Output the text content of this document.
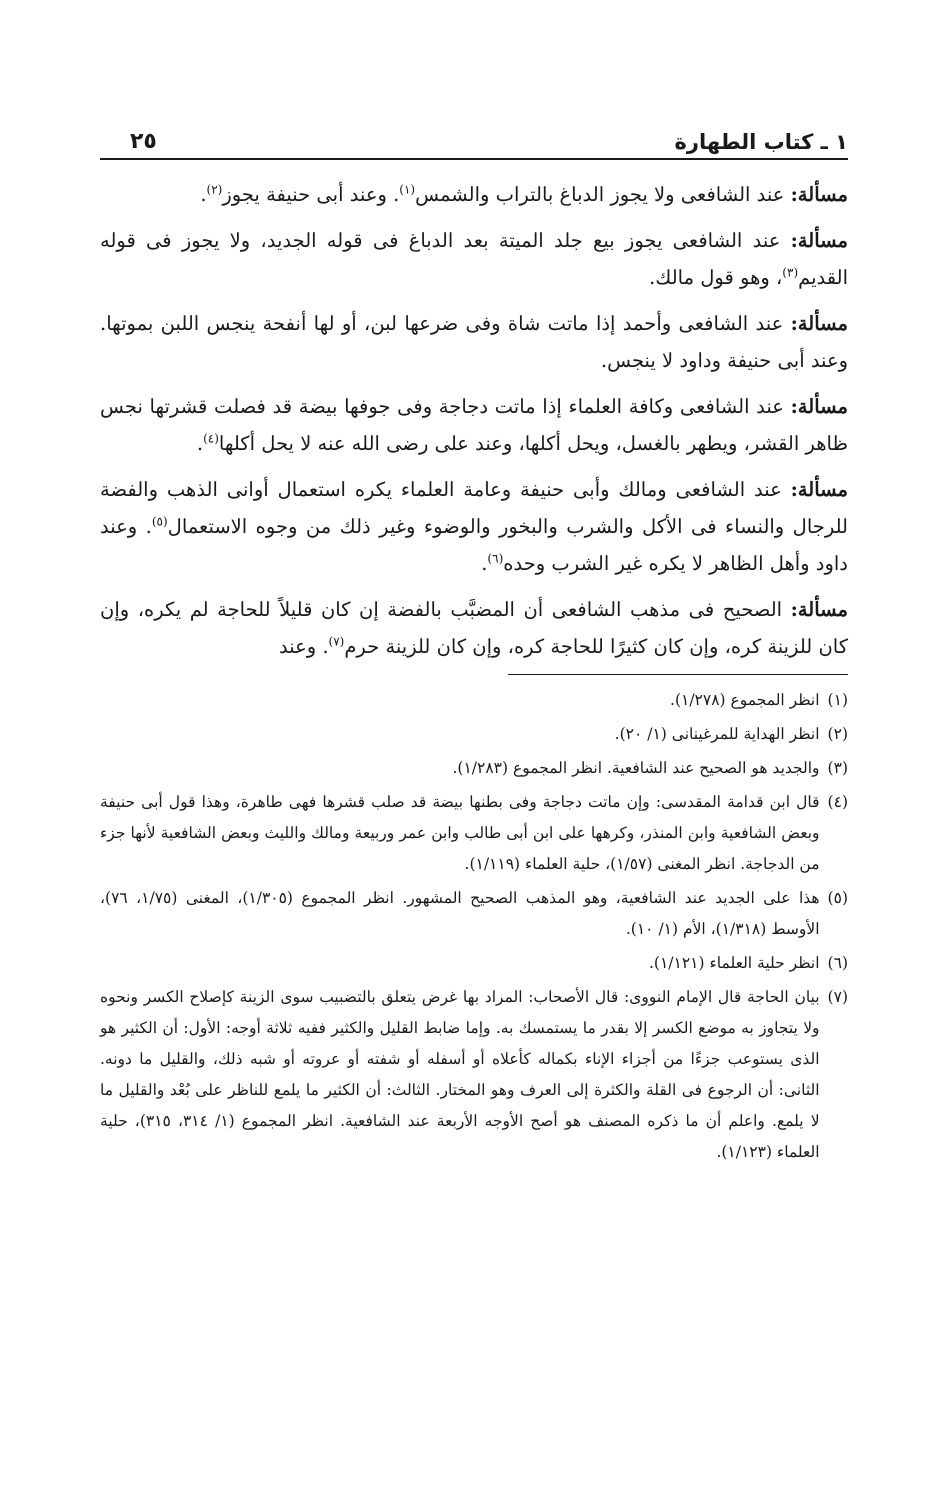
١ ـ كتاب الطهارة
٢٥

مسألة: عند الشافعى ولا يجوز الدباغ بالتراب والشمس$^{(١)}$. وعند أبى حنيفة يجوز$^{(٢)}$.

مسألة: عند الشافعى يجوز بيع جلد الميتة بعد الدباغ فى قوله الجديد، ولا يجوز فى قوله القديم$^{(٣)}$، وهو قول مالك.

مسألة: عند الشافعى وأحمد إذا ماتت شاة وفى ضرعها لبن، أو لها أنفحة ينجس اللبن بموتها. وعند أبى حنيفة وداود لا ينجس.

مسألة: عند الشافعى وكافة العلماء إذا ماتت دجاجة وفى جوفها بيضة قد فصلت قشرتها نجس ظاهر القشر، ويطهر بالغسل، ويحل أكلها، وعند على رضى الله عنه لا يحل أكلها$^{(٤)}$.

مسألة: عند الشافعى ومالك وأبى حنيفة وعامة العلماء يكره استعمال أوانى الذهب والفضة للرجال والنساء فى الأكل والشرب والبخور والوضوء وغير ذلك من وجوه الاستعمال$^{(٥)}$. وعند داود وأهل الظاهر لا يكره غير الشرب وحده$^{(٦)}$.

مسألة: الصحيح فى مذهب الشافعى أن المضبَّب بالفضة إن كان قليلاً للحاجة لم يكره، وإن كان للزينة كره، وإن كان كثيرًا للحاجة كره، وإن كان للزينة حرم$^{(٧)}$. وعند

(١)
انظر المجموع (١/٢٧٨).
(٢)
انظر الهداية للمرغينانى (١/ ٢٠).
(٣)
والجديد هو الصحيح عند الشافعية. انظر المجموع (١/٢٨٣).
(٤)
قال ابن قدامة المقدسى: وإن ماتت دجاجة وفى بطنها بيضة قد صلب قشرها فهى طاهرة، وهذا قول أبى حنيفة وبعض الشافعية وابن المنذر، وكرهها على ابن أبى طالب وابن عمر وربيعة ومالك والليث وبعض الشافعية لأنها جزء من الدجاجة. انظر المغنى (١/٥٧)، حلية العلماء (١/١١٩).
(٥)
هذا على الجديد عند الشافعية، وهو المذهب الصحيح المشهور. انظر المجموع (١/٣٠٥)، المغنى (١/٧٥، ٧٦)، الأوسط (١/٣١٨)، الأم (١/ ١٠).
(٦)
انظر حلية العلماء (١/١٢١).
(٧)
بيان الحاجة قال الإمام النووى: قال الأصحاب: المراد بها غرض يتعلق بالتضبيب سوى الزينة كإصلاح الكسر ونحوه ولا يتجاوز به موضع الكسر إلا بقدر ما يستمسك به. وإما ضابط القليل والكثير ففيه ثلاثة أوجه: الأول: أن الكثير هو الذى يستوعب جزءًا من أجزاء الإناء بكماله كأعلاه أو أسفله أو شفته أو عروته أو شبه ذلك، والقليل ما دونه. الثانى: أن الرجوع فى القلة والكثرة إلى العرف وهو المختار. الثالث: أن الكثير ما يلمع للناظر على بُعْد والقليل ما لا يلمع. واعلم أن ما ذكره المصنف هو أصح الأوجه الأربعة عند الشافعية. انظر المجموع (١/ ٣١٤، ٣١٥)، حلية العلماء (١/١٢٣).
